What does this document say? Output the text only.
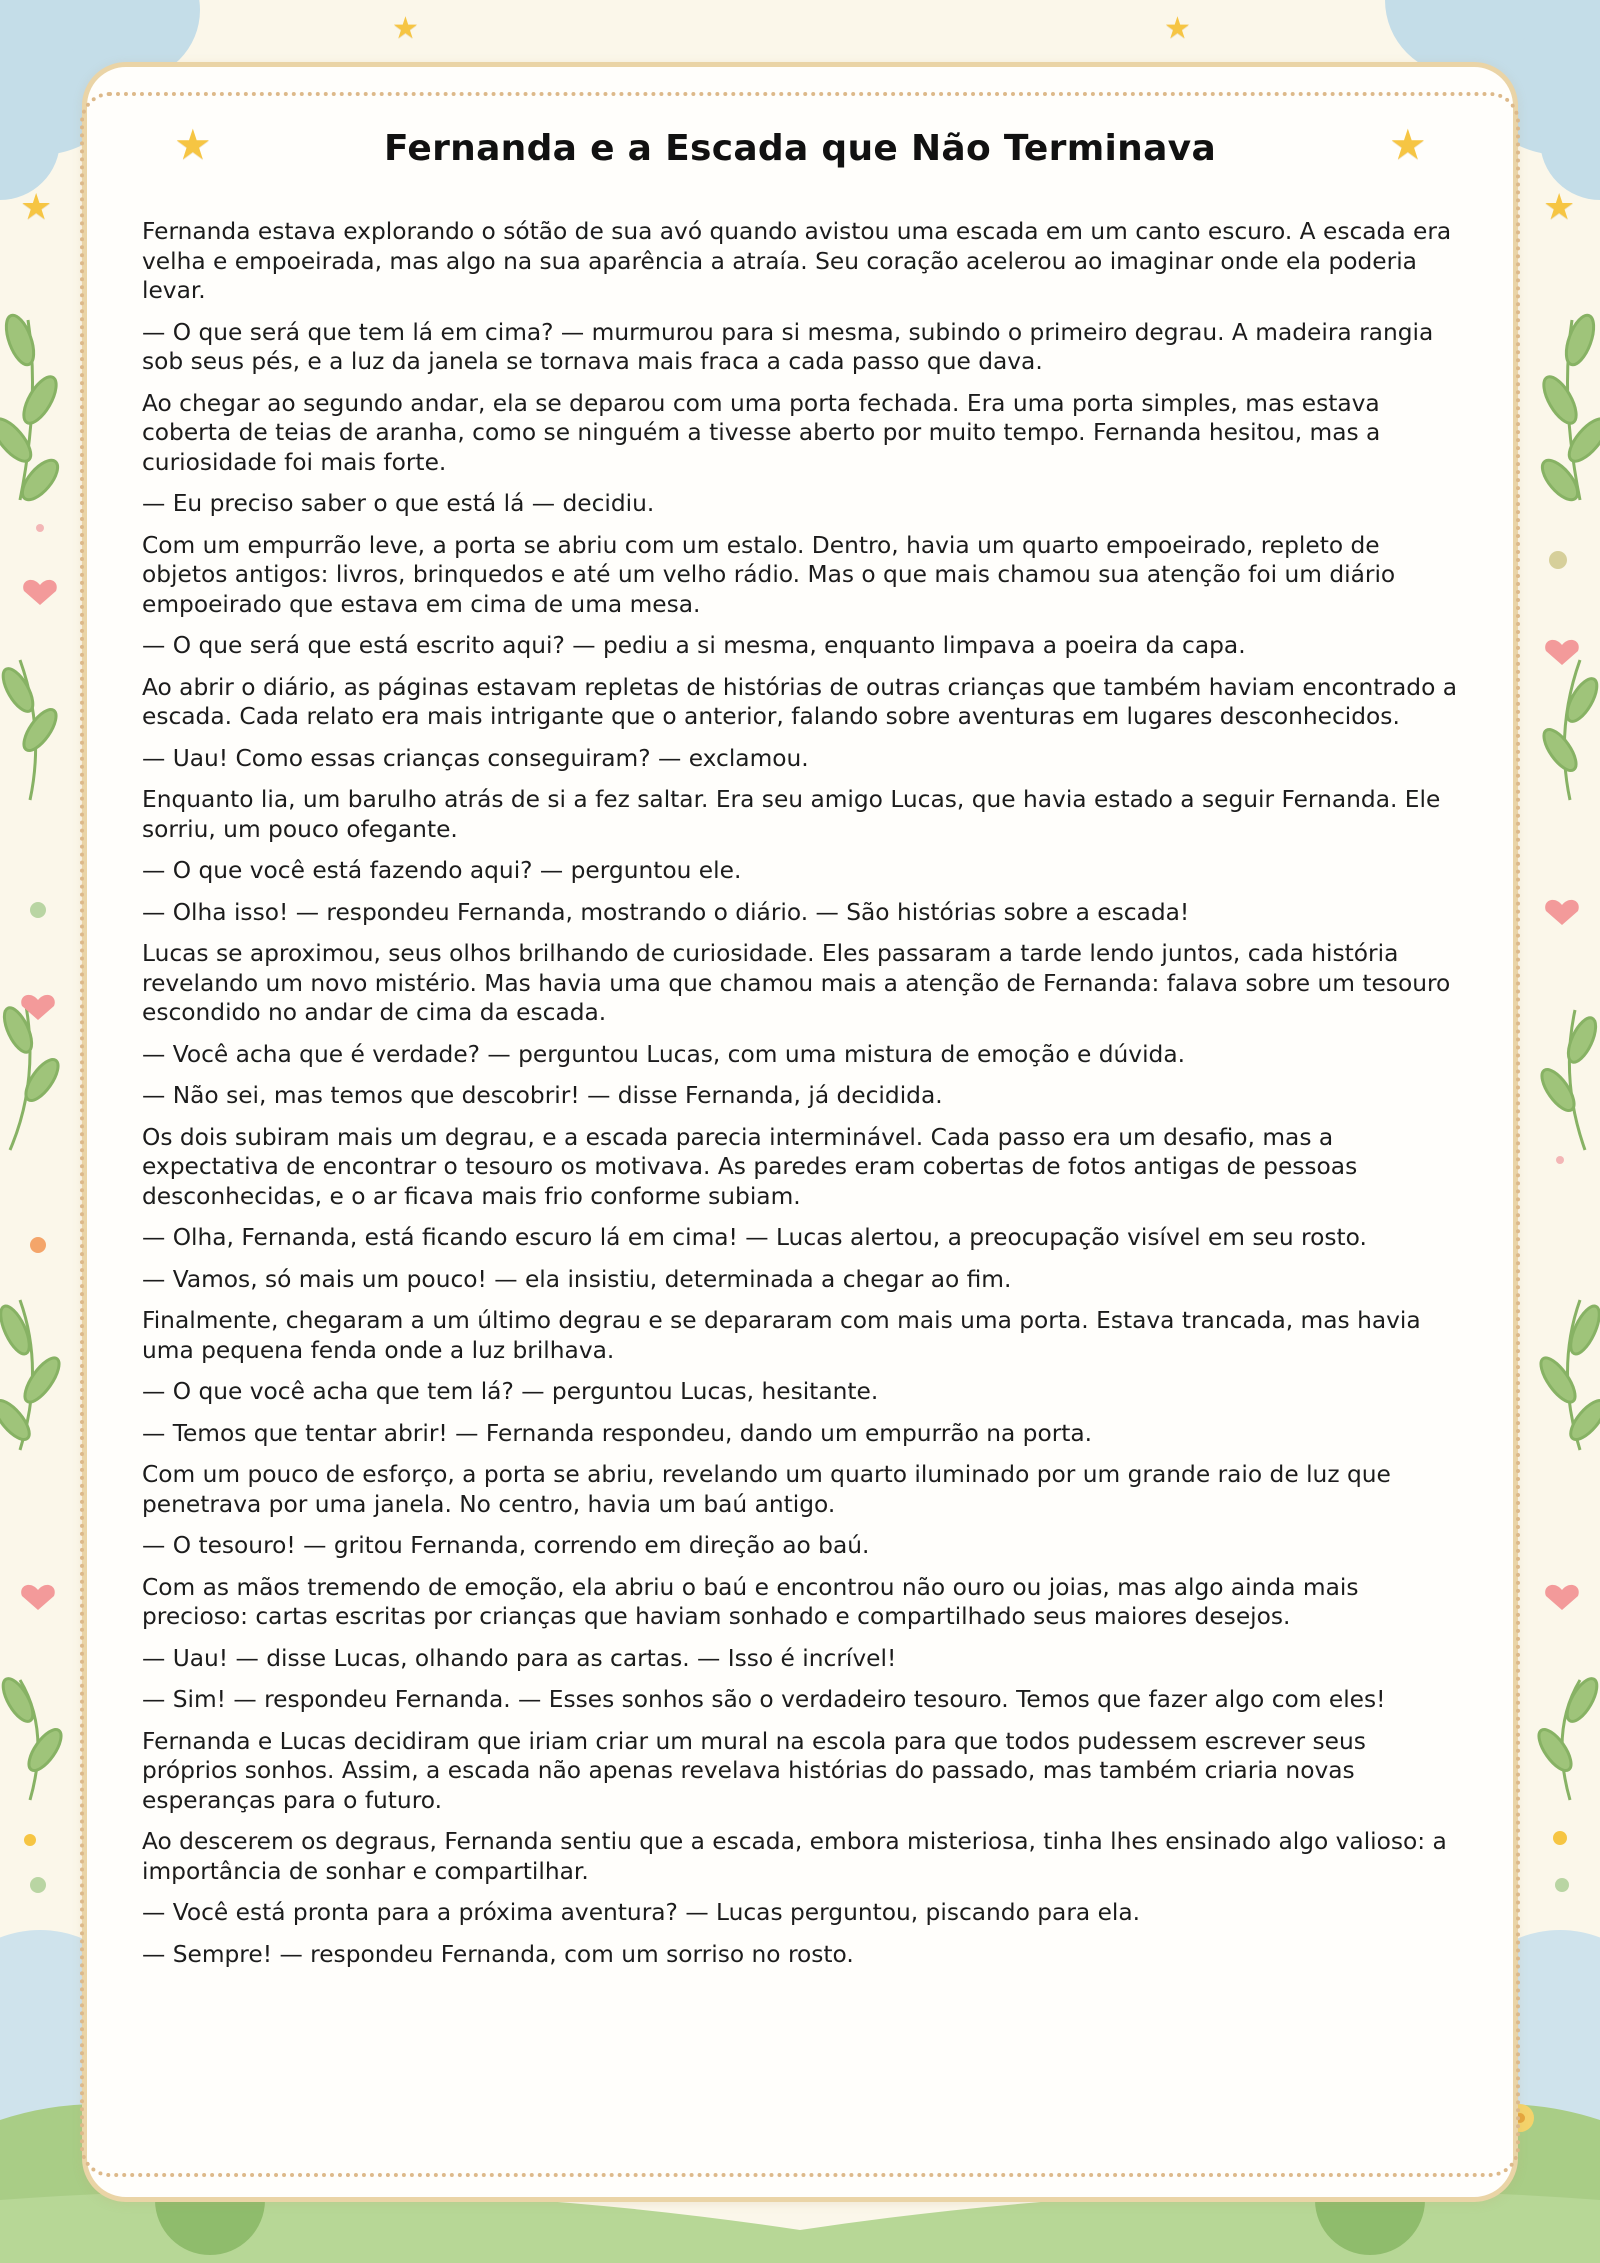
★	★
★	★
★	★
Fernanda e a Escada que Não Terminava

Fernanda estava explorando o sótão de sua avó quando avistou uma escada em um canto escuro. A escada era velha e empoeirada, mas algo na sua aparência a atraía. Seu coração acelerou ao imaginar onde ela poderia levar.

— O que será que tem lá em cima? — murmurou para si mesma, subindo o primeiro degrau. A madeira rangia sob seus pés, e a luz da janela se tornava mais fraca a cada passo que dava.

Ao chegar ao segundo andar, ela se deparou com uma porta fechada. Era uma porta simples, mas estava coberta de teias de aranha, como se ninguém a tivesse aberto por muito tempo. Fernanda hesitou, mas a curiosidade foi mais forte.

— Eu preciso saber o que está lá — decidiu.

Com um empurrão leve, a porta se abriu com um estalo. Dentro, havia um quarto empoeirado, repleto de objetos antigos: livros, brinquedos e até um velho rádio. Mas o que mais chamou sua atenção foi um diário empoeirado que estava em cima de uma mesa.

— O que será que está escrito aqui? — pediu a si mesma, enquanto limpava a poeira da capa.

Ao abrir o diário, as páginas estavam repletas de histórias de outras crianças que também haviam encontrado a escada. Cada relato era mais intrigante que o anterior, falando sobre aventuras em lugares desconhecidos.

— Uau! Como essas crianças conseguiram? — exclamou.

Enquanto lia, um barulho atrás de si a fez saltar. Era seu amigo Lucas, que havia estado a seguir Fernanda. Ele sorriu, um pouco ofegante.

— O que você está fazendo aqui? — perguntou ele.

— Olha isso! — respondeu Fernanda, mostrando o diário. — São histórias sobre a escada!

Lucas se aproximou, seus olhos brilhando de curiosidade. Eles passaram a tarde lendo juntos, cada história revelando um novo mistério. Mas havia uma que chamou mais a atenção de Fernanda: falava sobre um tesouro escondido no andar de cima da escada.

— Você acha que é verdade? — perguntou Lucas, com uma mistura de emoção e dúvida.

— Não sei, mas temos que descobrir! — disse Fernanda, já decidida.

Os dois subiram mais um degrau, e a escada parecia interminável. Cada passo era um desafio, mas a expectativa de encontrar o tesouro os motivava. As paredes eram cobertas de fotos antigas de pessoas desconhecidas, e o ar ficava mais frio conforme subiam.

— Olha, Fernanda, está ficando escuro lá em cima! — Lucas alertou, a preocupação visível em seu rosto.

— Vamos, só mais um pouco! — ela insistiu, determinada a chegar ao fim.

Finalmente, chegaram a um último degrau e se depararam com mais uma porta. Estava trancada, mas havia uma pequena fenda onde a luz brilhava.

— O que você acha que tem lá? — perguntou Lucas, hesitante.

— Temos que tentar abrir! — Fernanda respondeu, dando um empurrão na porta.

Com um pouco de esforço, a porta se abriu, revelando um quarto iluminado por um grande raio de luz que penetrava por uma janela. No centro, havia um baú antigo.

— O tesouro! — gritou Fernanda, correndo em direção ao baú.

Com as mãos tremendo de emoção, ela abriu o baú e encontrou não ouro ou joias, mas algo ainda mais precioso: cartas escritas por crianças que haviam sonhado e compartilhado seus maiores desejos.

— Uau! — disse Lucas, olhando para as cartas. — Isso é incrível!

— Sim! — respondeu Fernanda. — Esses sonhos são o verdadeiro tesouro. Temos que fazer algo com eles!

Fernanda e Lucas decidiram que iriam criar um mural na escola para que todos pudessem escrever seus próprios sonhos. Assim, a escada não apenas revelava histórias do passado, mas também criaria novas esperanças para o futuro.

Ao descerem os degraus, Fernanda sentiu que a escada, embora misteriosa, tinha lhes ensinado algo valioso: a importância de sonhar e compartilhar.

— Você está pronta para a próxima aventura? — Lucas perguntou, piscando para ela.

— Sempre! — respondeu Fernanda, com um sorriso no rosto.
